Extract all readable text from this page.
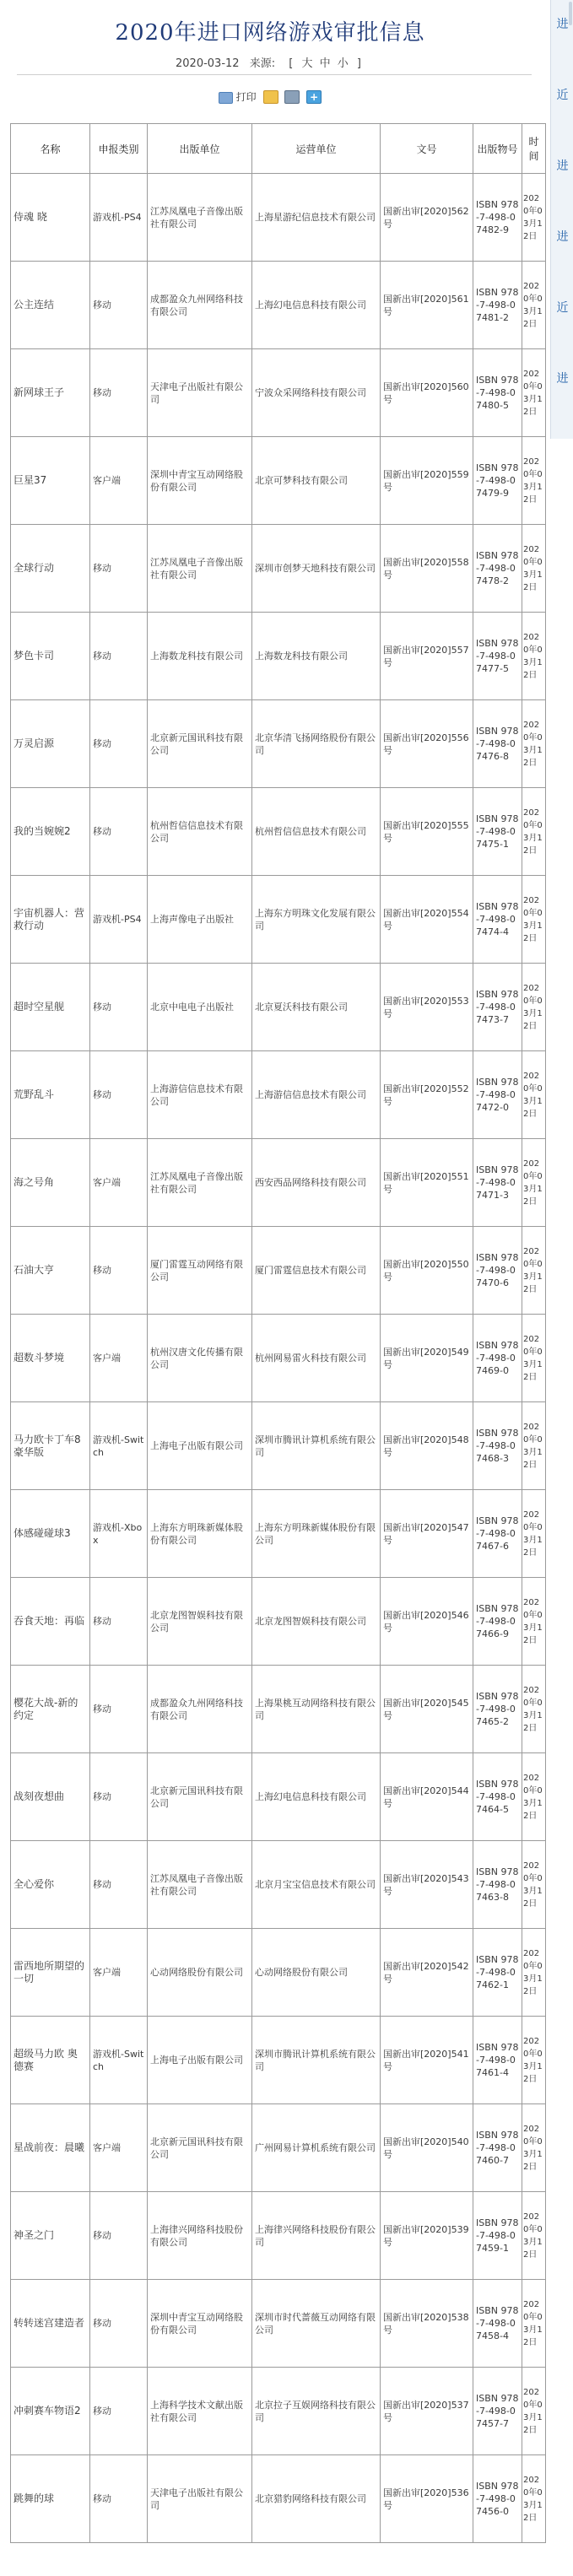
2020年进口网络游戏审批信息
2020-03-12 来源: [ 大 中 小 ]
打印	+
进
近
进
进
近
进
名称	申报类别	出版单位	运营单位	文号	出版物号	时间
侍魂 晓	游戏机-PS4	江苏凤凰电子音像出版社有限公司	上海星游纪信息技术有限公司	国新出审[2020]562号	ISBN 978-7-498-07482-9	2020年03月12日
公主连结	移动	成都盈众九州网络科技有限公司	上海幻电信息科技有限公司	国新出审[2020]561号	ISBN 978-7-498-07481-2	2020年03月12日
新网球王子	移动	天津电子出版社有限公司	宁波众采网络科技有限公司	国新出审[2020]560号	ISBN 978-7-498-07480-5	2020年03月12日
巨星37	客户端	深圳中青宝互动网络股份有限公司	北京可梦科技有限公司	国新出审[2020]559号	ISBN 978-7-498-07479-9	2020年03月12日
全球行动	移动	江苏凤凰电子音像出版社有限公司	深圳市创梦天地科技有限公司	国新出审[2020]558号	ISBN 978-7-498-07478-2	2020年03月12日
梦色卡司	移动	上海数龙科技有限公司	上海数龙科技有限公司	国新出审[2020]557号	ISBN 978-7-498-07477-5	2020年03月12日
万灵启源	移动	北京新元国讯科技有限公司	北京华清飞扬网络股份有限公司	国新出审[2020]556号	ISBN 978-7-498-07476-8	2020年03月12日
我的当婉婉2	移动	杭州哲信信息技术有限公司	杭州哲信信息技术有限公司	国新出审[2020]555号	ISBN 978-7-498-07475-1	2020年03月12日
宇宙机器人：营救行动	游戏机-PS4	上海声像电子出版社	上海东方明珠文化发展有限公司	国新出审[2020]554号	ISBN 978-7-498-07474-4	2020年03月12日
超时空星舰	移动	北京中电电子出版社	北京夏沃科技有限公司	国新出审[2020]553号	ISBN 978-7-498-07473-7	2020年03月12日
荒野乱斗	移动	上海游信信息技术有限公司	上海游信信息技术有限公司	国新出审[2020]552号	ISBN 978-7-498-07472-0	2020年03月12日
海之号角	客户端	江苏凤凰电子音像出版社有限公司	西安西品网络科技有限公司	国新出审[2020]551号	ISBN 978-7-498-07471-3	2020年03月12日
石油大亨	移动	厦门雷霆互动网络有限公司	厦门雷霆信息技术有限公司	国新出审[2020]550号	ISBN 978-7-498-07470-6	2020年03月12日
超数斗梦境	客户端	杭州汉唐文化传播有限公司	杭州网易雷火科技有限公司	国新出审[2020]549号	ISBN 978-7-498-07469-0	2020年03月12日
马力欧卡丁车8豪华版	游戏机-Switch	上海电子出版有限公司	深圳市腾讯计算机系统有限公司	国新出审[2020]548号	ISBN 978-7-498-07468-3	2020年03月12日
体感碰碰球3	游戏机-Xbox	上海东方明珠新媒体股份有限公司	上海东方明珠新媒体股份有限公司	国新出审[2020]547号	ISBN 978-7-498-07467-6	2020年03月12日
吞食天地：再临	移动	北京龙图智娱科技有限公司	北京龙图智娱科技有限公司	国新出审[2020]546号	ISBN 978-7-498-07466-9	2020年03月12日
樱花大战-新的约定	移动	成都盈众九州网络科技有限公司	上海果桃互动网络科技有限公司	国新出审[2020]545号	ISBN 978-7-498-07465-2	2020年03月12日
战刻夜想曲	移动	北京新元国讯科技有限公司	上海幻电信息科技有限公司	国新出审[2020]544号	ISBN 978-7-498-07464-5	2020年03月12日
全心爱你	移动	江苏凤凰电子音像出版社有限公司	北京月宝宝信息技术有限公司	国新出审[2020]543号	ISBN 978-7-498-07463-8	2020年03月12日
雷西地所期望的一切	客户端	心动网络股份有限公司	心动网络股份有限公司	国新出审[2020]542号	ISBN 978-7-498-07462-1	2020年03月12日
超级马力欧 奥德赛	游戏机-Switch	上海电子出版有限公司	深圳市腾讯计算机系统有限公司	国新出审[2020]541号	ISBN 978-7-498-07461-4	2020年03月12日
星战前夜：晨曦	客户端	北京新元国讯科技有限公司	广州网易计算机系统有限公司	国新出审[2020]540号	ISBN 978-7-498-07460-7	2020年03月12日
神圣之门	移动	上海律兴网络科技股份有限公司	上海律兴网络科技股份有限公司	国新出审[2020]539号	ISBN 978-7-498-07459-1	2020年03月12日
转转迷宫建造者	移动	深圳中青宝互动网络股份有限公司	深圳市时代蔷薇互动网络有限公司	国新出审[2020]538号	ISBN 978-7-498-07458-4	2020年03月12日
冲刺赛车物语2	移动	上海科学技术文献出版社有限公司	北京拉子互娱网络科技有限公司	国新出审[2020]537号	ISBN 978-7-498-07457-7	2020年03月12日
跳舞的球	移动	天津电子出版社有限公司	北京猎豹网络科技有限公司	国新出审[2020]536号	ISBN 978-7-498-07456-0	2020年03月12日
